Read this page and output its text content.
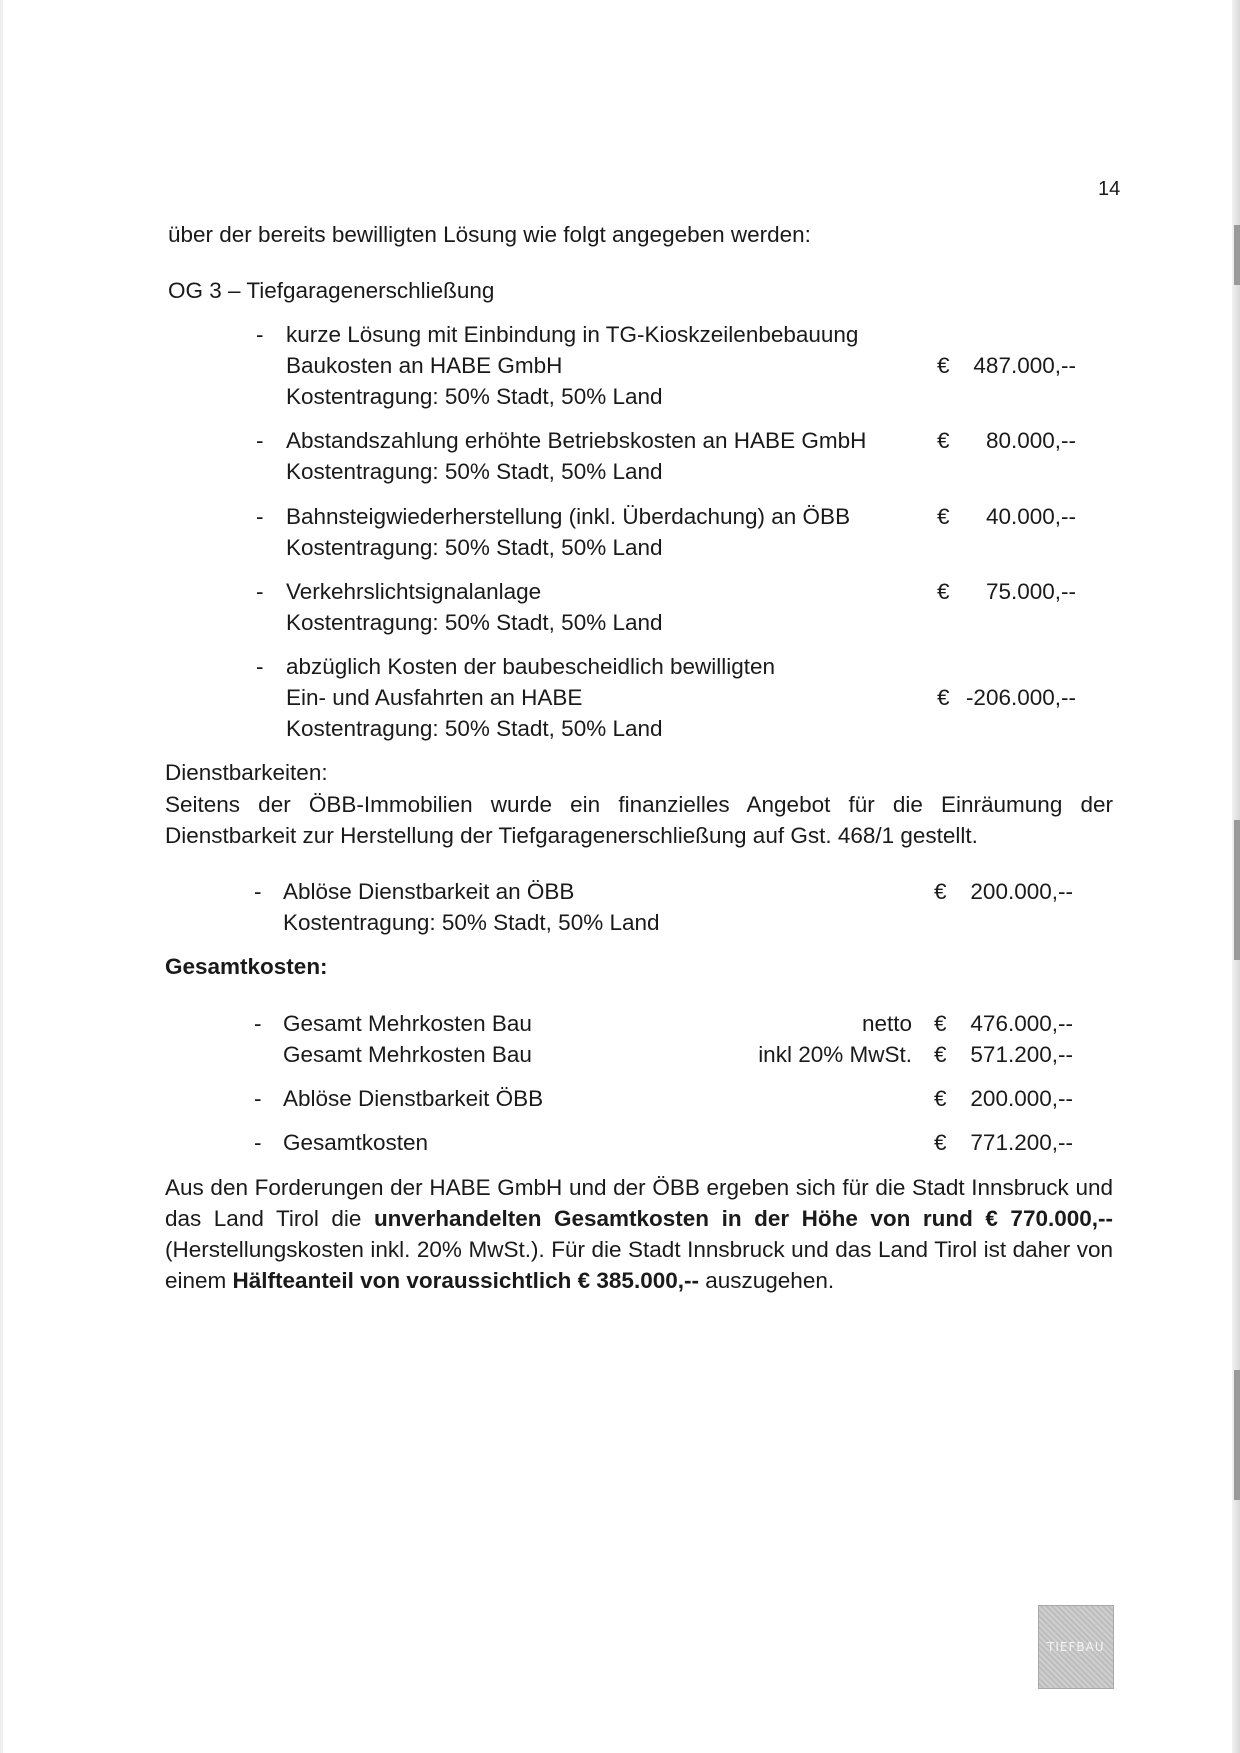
14
über der bereits bewilligten Lösung wie folgt angegeben werden:
OG 3 – Tiefgaragenerschließung
- kurze Lösung mit Einbindung in TG-Kioskzeilenbebauung
Baukosten an HABE GmbH
Kostentragung: 50% Stadt, 50% Land
€	487.000,--
- Abstandszahlung erhöhte Betriebskosten an HABE GmbH
Kostentragung: 50% Stadt, 50% Land
€	80.000,--
- Bahnsteigwiederherstellung (inkl. Überdachung) an ÖBB
Kostentragung: 50% Stadt, 50% Land
€	40.000,--
- Verkehrslichtsignalanlage
Kostentragung: 50% Stadt, 50% Land
€	75.000,--
- abzüglich Kosten der baubescheidlich bewilligten
Ein- und Ausfahrten an HABE
Kostentragung: 50% Stadt, 50% Land
€ -206.000,--
Dienstbarkeiten:
Seitens der ÖBB-Immobilien wurde ein finanzielles Angebot für die Einräumung der Dienstbarkeit zur Herstellung der Tiefgaragenerschließung auf Gst. 468/1 gestellt.
- Ablöse Dienstbarkeit an ÖBB
Kostentragung: 50% Stadt, 50% Land
€	200.000,--
Gesamtkosten:
- Gesamt Mehrkosten Bau	netto €	476.000,--
Gesamt Mehrkosten Bau	inkl 20% MwSt. €	571.200,--
- Ablöse Dienstbarkeit ÖBB	€	200.000,--
- Gesamtkosten	€	771.200,--
Aus den Forderungen der HABE GmbH und der ÖBB ergeben sich für die Stadt Innsbruck und das Land Tirol die unverhandelten Gesamtkosten in der Höhe von rund € 770.000,-- (Herstellungskosten inkl. 20% MwSt.). Für die Stadt Innsbruck und das Land Tirol ist daher von einem Hälfteanteil von voraussichtlich € 385.000,-- auszugehen.
TIEFBAU
